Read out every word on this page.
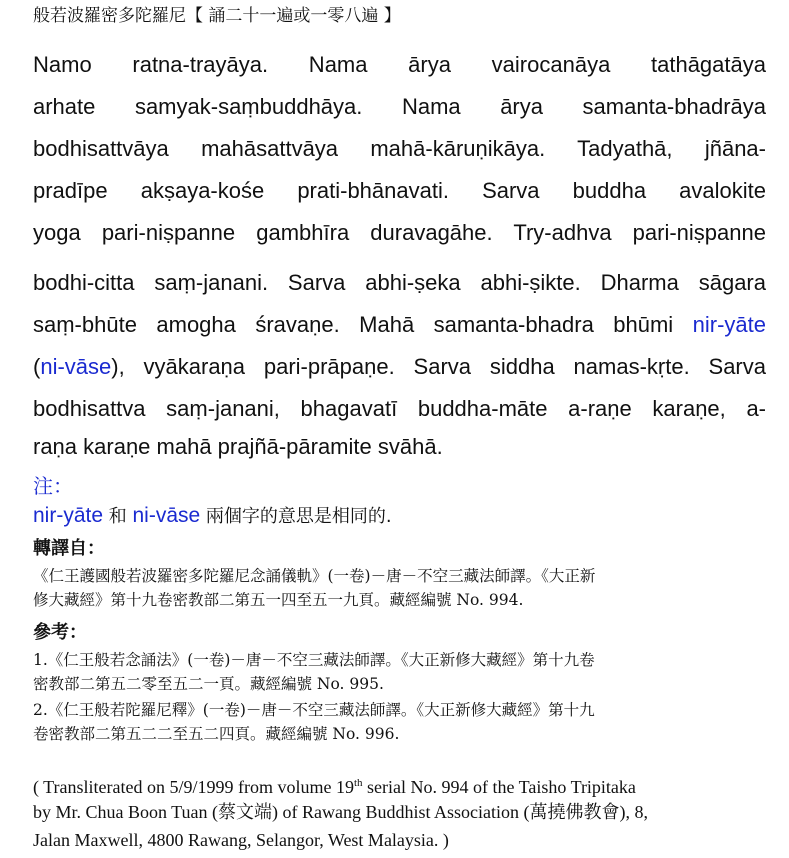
般若波羅密多陀羅尼【 誦二十一遍或一零八遍 】
Namo ratna-trayāya. Nama ārya vairocanāya tathāgatāya
arhate samyak-saṃbuddhāya. Nama ārya samanta-bhadrāya
bodhisattvāya mahāsattvāya mahā-kāruṇikāya. Tadyathā, jñāna-
pradīpe akṣaya-kośe prati-bhānavati. Sarva buddha avalokite
yoga pari-niṣpanne gambhīra duravagāhe. Try-adhva pari-niṣpanne
bodhi-citta saṃ-janani. Sarva abhi-ṣeka abhi-ṣikte. Dharma sāgara
saṃ-bhūte amogha śravaṇe. Mahā samanta-bhadra bhūmi nir-yāte
(ni-vāse), vyākaraṇa pari-prāpaṇe. Sarva siddha namas-kṛte. Sarva
bodhisattva saṃ-janani, bhagavatī buddha-māte a-raṇe karaṇe, a-
raṇa karaṇe mahā prajñā-pāramite svāhā.
注：
nir-yāte 和 ni-vāse 兩個字的意思是相同的.
轉譯自：
《仁王護國般若波羅密多陀羅尼念誦儀軌》(一卷)－唐－不空三藏法師譯。《大正新
修大藏經》第十九卷密教部二第五一四至五一九頁。藏經編號 No. 994.
參考：
1.《仁王般若念誦法》(一卷)－唐－不空三藏法師譯。《大正新修大藏經》第十九卷
密教部二第五二零至五二一頁。藏經編號 No. 995.
2.《仁王般若陀羅尼釋》(一卷)－唐－不空三藏法師譯。《大正新修大藏經》第十九
卷密教部二第五二二至五二四頁。藏經編號 No. 996.
( Transliterated on 5/9/1999 from volume 19th serial No. 994 of the Taisho Tripitaka
by Mr. Chua Boon Tuan (蔡文端) of Rawang Buddhist Association (萬撓佛教會), 8,
Jalan Maxwell, 4800 Rawang, Selangor, West Malaysia. )
